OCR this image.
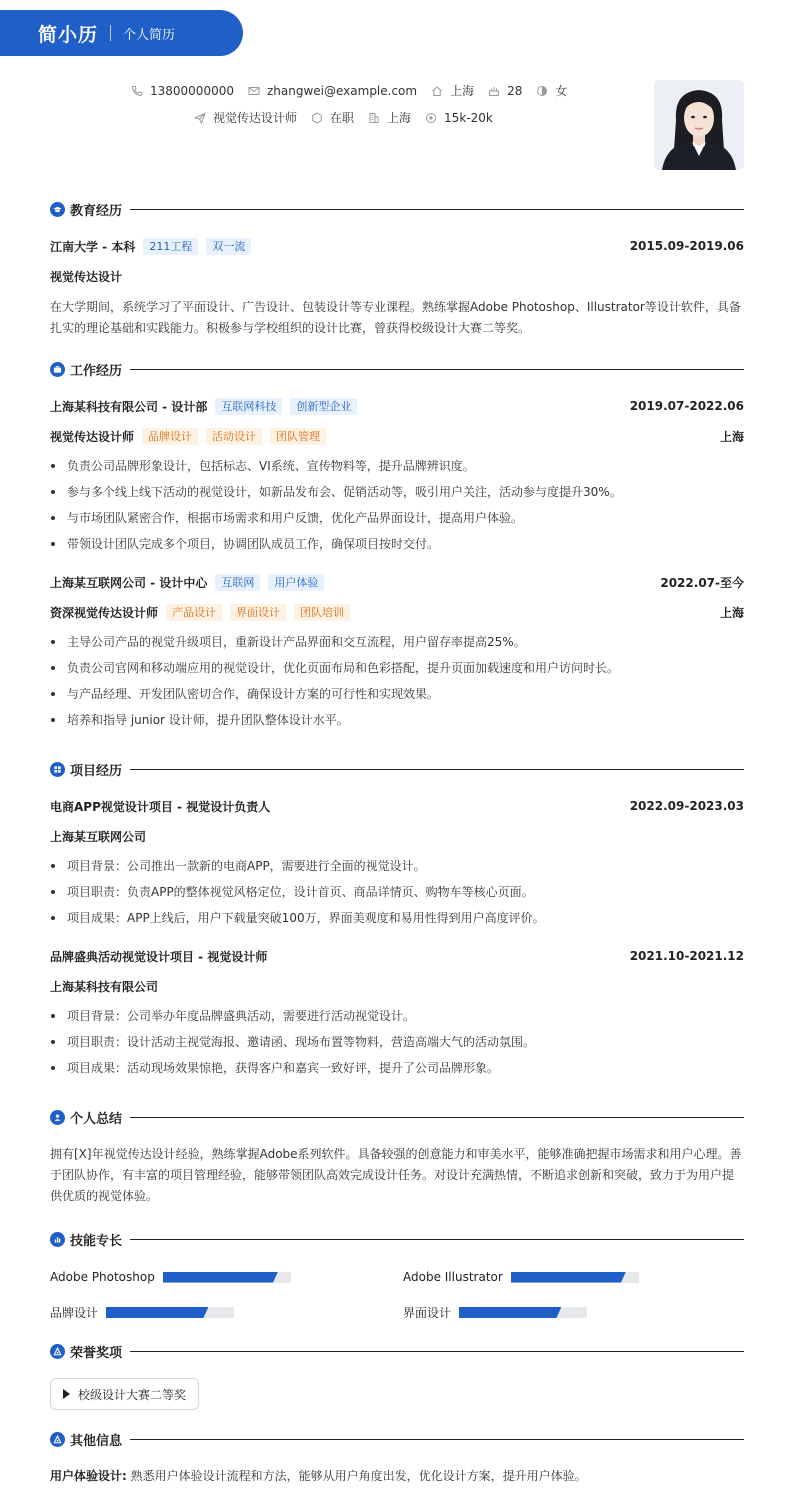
简小历 个人简历
13800000000	zhangwei@example.com	上海	28	女
视觉传达设计师	在职	上海	15k-20k
教育经历
江南大学 - 本科	211工程	双一流	2015.09-2019.06
视觉传达设计
在大学期间，系统学习了平面设计、广告设计、包装设计等专业课程。熟练掌握Adobe Photoshop、Illustrator等设计软件，具备扎实的理论基础和实践能力。积极参与学校组织的设计比赛，曾获得校级设计大赛二等奖。
工作经历
上海某科技有限公司 - 设计部	互联网科技	创新型企业	2019.07-2022.06
视觉传达设计师	品牌设计	活动设计	团队管理	上海
负责公司品牌形象设计，包括标志、VI系统、宣传物料等，提升品牌辨识度。
参与多个线上线下活动的视觉设计，如新品发布会、促销活动等，吸引用户关注，活动参与度提升30%。
与市场团队紧密合作，根据市场需求和用户反馈，优化产品界面设计，提高用户体验。
带领设计团队完成多个项目，协调团队成员工作，确保项目按时交付。
上海某互联网公司 - 设计中心	互联网	用户体验	2022.07-至今
资深视觉传达设计师	产品设计	界面设计	团队培训	上海
主导公司产品的视觉升级项目，重新设计产品界面和交互流程，用户留存率提高25%。
负责公司官网和移动端应用的视觉设计，优化页面布局和色彩搭配，提升页面加载速度和用户访问时长。
与产品经理、开发团队密切合作，确保设计方案的可行性和实现效果。
培养和指导 junior 设计师，提升团队整体设计水平。
项目经历
电商APP视觉设计项目 - 视觉设计负责人	2022.09-2023.03
上海某互联网公司
项目背景：公司推出一款新的电商APP，需要进行全面的视觉设计。
项目职责：负责APP的整体视觉风格定位，设计首页、商品详情页、购物车等核心页面。
项目成果：APP上线后，用户下载量突破100万，界面美观度和易用性得到用户高度评价。
品牌盛典活动视觉设计项目 - 视觉设计师	2021.10-2021.12
上海某科技有限公司
项目背景：公司举办年度品牌盛典活动，需要进行活动视觉设计。
项目职责：设计活动主视觉海报、邀请函、现场布置等物料，营造高端大气的活动氛围。
项目成果：活动现场效果惊艳，获得客户和嘉宾一致好评，提升了公司品牌形象。
个人总结
拥有[X]年视觉传达设计经验，熟练掌握Adobe系列软件。具备较强的创意能力和审美水平，能够准确把握市场需求和用户心理。善于团队协作，有丰富的项目管理经验，能够带领团队高效完成设计任务。对设计充满热情，不断追求创新和突破，致力于为用户提供优质的视觉体验。
技能专长
Adobe Photoshop	Adobe Illustrator
品牌设计	界面设计
荣誉奖项
校级设计大赛二等奖
其他信息
用户体验设计: 熟悉用户体验设计流程和方法，能够从用户角度出发，优化设计方案，提升用户体验。
